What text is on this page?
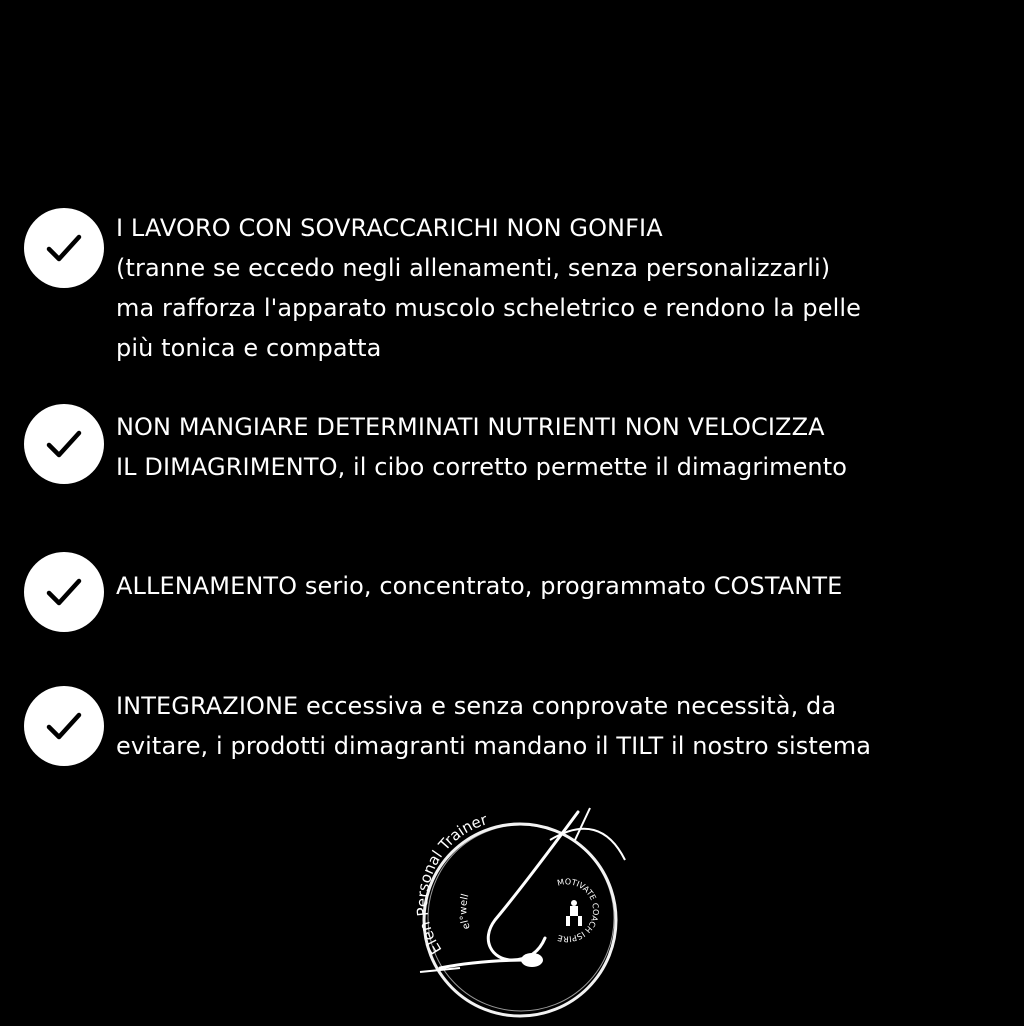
I LAVORO CON SOVRACCARICHI NON GONFIA
(tranne se eccedo negli allenamenti, senza personalizzarli)
ma rafforza l'apparato muscolo scheletrico e rendono la pelle
più tonica e compatta
NON MANGIARE DETERMINATI NUTRIENTI NON VELOCIZZA
IL DIMAGRIMENTO, il cibo corretto permette il dimagrimento
ALLENAMENTO serio, concentrato, programmato COSTANTE
INTEGRAZIONE eccessiva e senza conprovate necessità, da
evitare, i prodotti dimagranti mandano il TILT il nostro sistema
Elen Personal Trainer
el°well
MOTIVATE COACH ISPIRE
